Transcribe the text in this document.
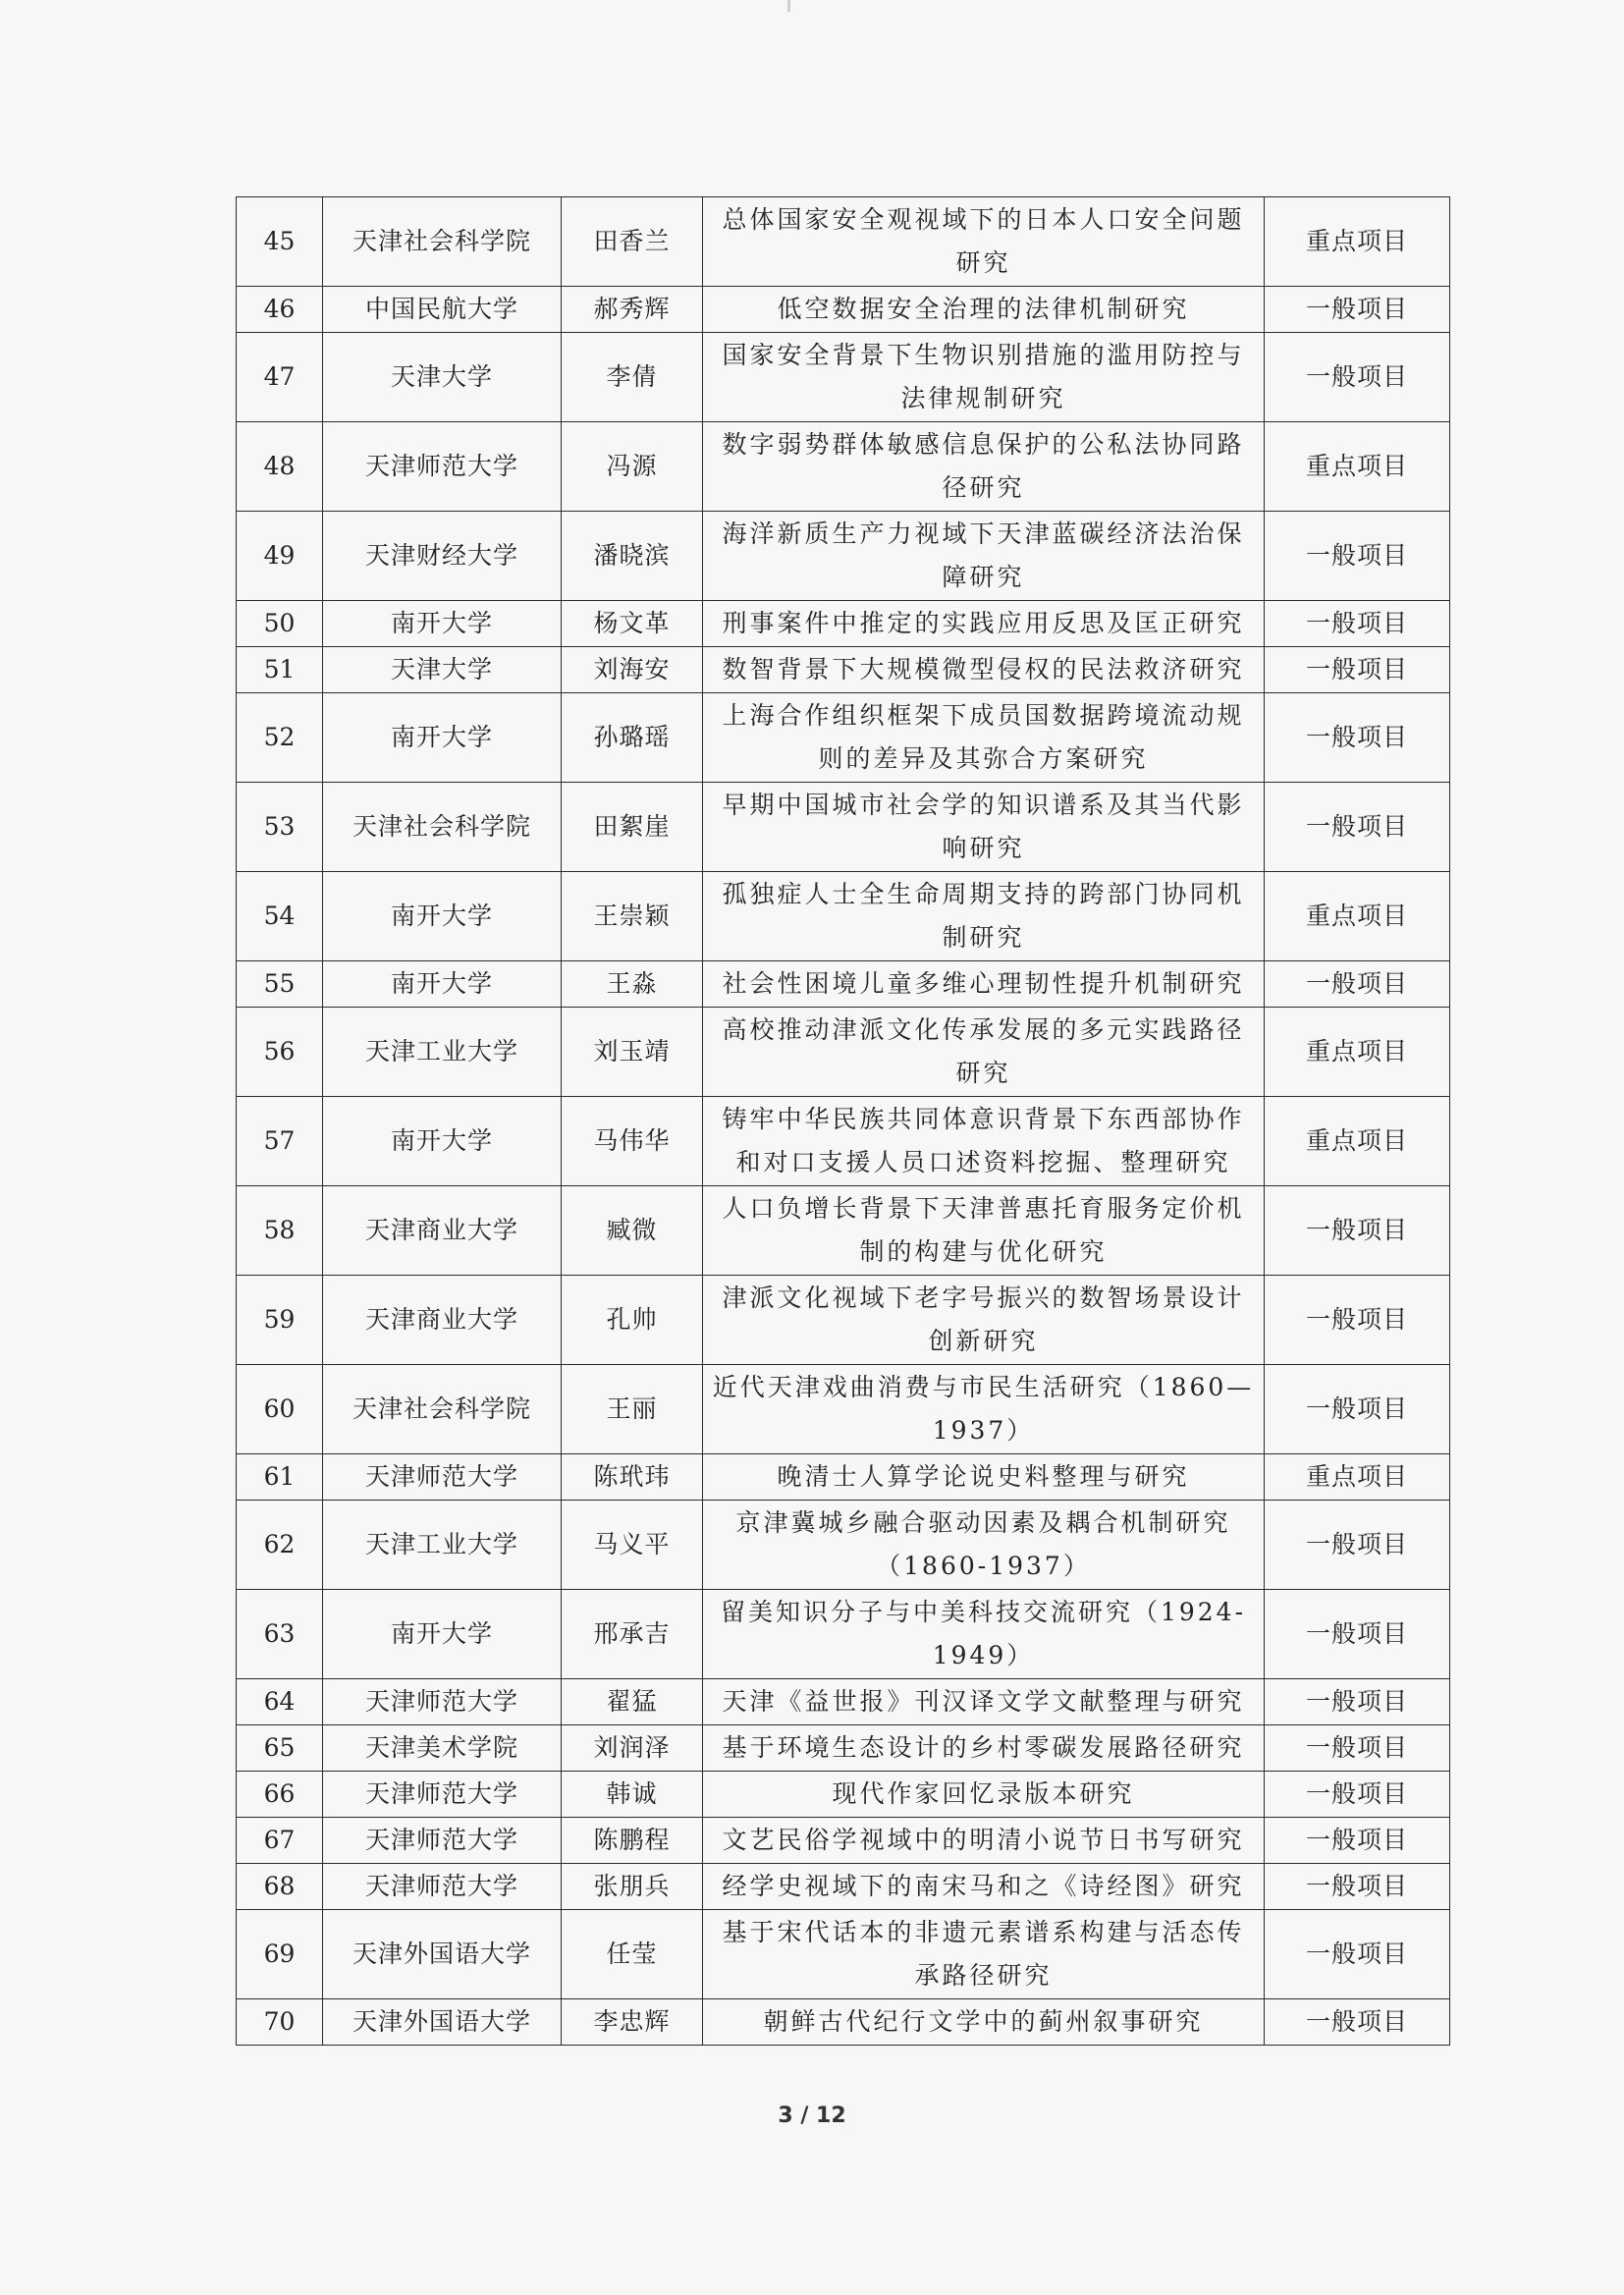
45	天津社会科学院	田香兰	总体国家安全观视域下的日本人口安全问题研究	重点项目
46	中国民航大学	郝秀辉	低空数据安全治理的法律机制研究	一般项目
47	天津大学	李倩	国家安全背景下生物识别措施的滥用防控与法律规制研究	一般项目
48	天津师范大学	冯源	数字弱势群体敏感信息保护的公私法协同路径研究	重点项目
49	天津财经大学	潘晓滨	海洋新质生产力视域下天津蓝碳经济法治保障研究	一般项目
50	南开大学	杨文革	刑事案件中推定的实践应用反思及匡正研究	一般项目
51	天津大学	刘海安	数智背景下大规模微型侵权的民法救济研究	一般项目
52	南开大学	孙璐瑶	上海合作组织框架下成员国数据跨境流动规则的差异及其弥合方案研究	一般项目
53	天津社会科学院	田絮崖	早期中国城市社会学的知识谱系及其当代影响研究	一般项目
54	南开大学	王崇颖	孤独症人士全生命周期支持的跨部门协同机制研究	重点项目
55	南开大学	王淼	社会性困境儿童多维心理韧性提升机制研究	一般项目
56	天津工业大学	刘玉靖	高校推动津派文化传承发展的多元实践路径研究	重点项目
57	南开大学	马伟华	铸牢中华民族共同体意识背景下东西部协作和对口支援人员口述资料挖掘、整理研究	重点项目
58	天津商业大学	臧微	人口负增长背景下天津普惠托育服务定价机制的构建与优化研究	一般项目
59	天津商业大学	孔帅	津派文化视域下老字号振兴的数智场景设计创新研究	一般项目
60	天津社会科学院	王丽	近代天津戏曲消费与市民生活研究（1860—1937）	一般项目
61	天津师范大学	陈玳玮	晚清士人算学论说史料整理与研究	重点项目
62	天津工业大学	马义平	京津冀城乡融合驱动因素及耦合机制研究（1860-1937）	一般项目
63	南开大学	邢承吉	留美知识分子与中美科技交流研究（1924-1949）	一般项目
64	天津师范大学	翟猛	天津《益世报》刊汉译文学文献整理与研究	一般项目
65	天津美术学院	刘润泽	基于环境生态设计的乡村零碳发展路径研究	一般项目
66	天津师范大学	韩诚	现代作家回忆录版本研究	一般项目
67	天津师范大学	陈鹏程	文艺民俗学视域中的明清小说节日书写研究	一般项目
68	天津师范大学	张朋兵	经学史视域下的南宋马和之《诗经图》研究	一般项目
69	天津外国语大学	任莹	基于宋代话本的非遗元素谱系构建与活态传承路径研究	一般项目
70	天津外国语大学	李忠辉	朝鲜古代纪行文学中的蓟州叙事研究	一般项目
3 / 12
